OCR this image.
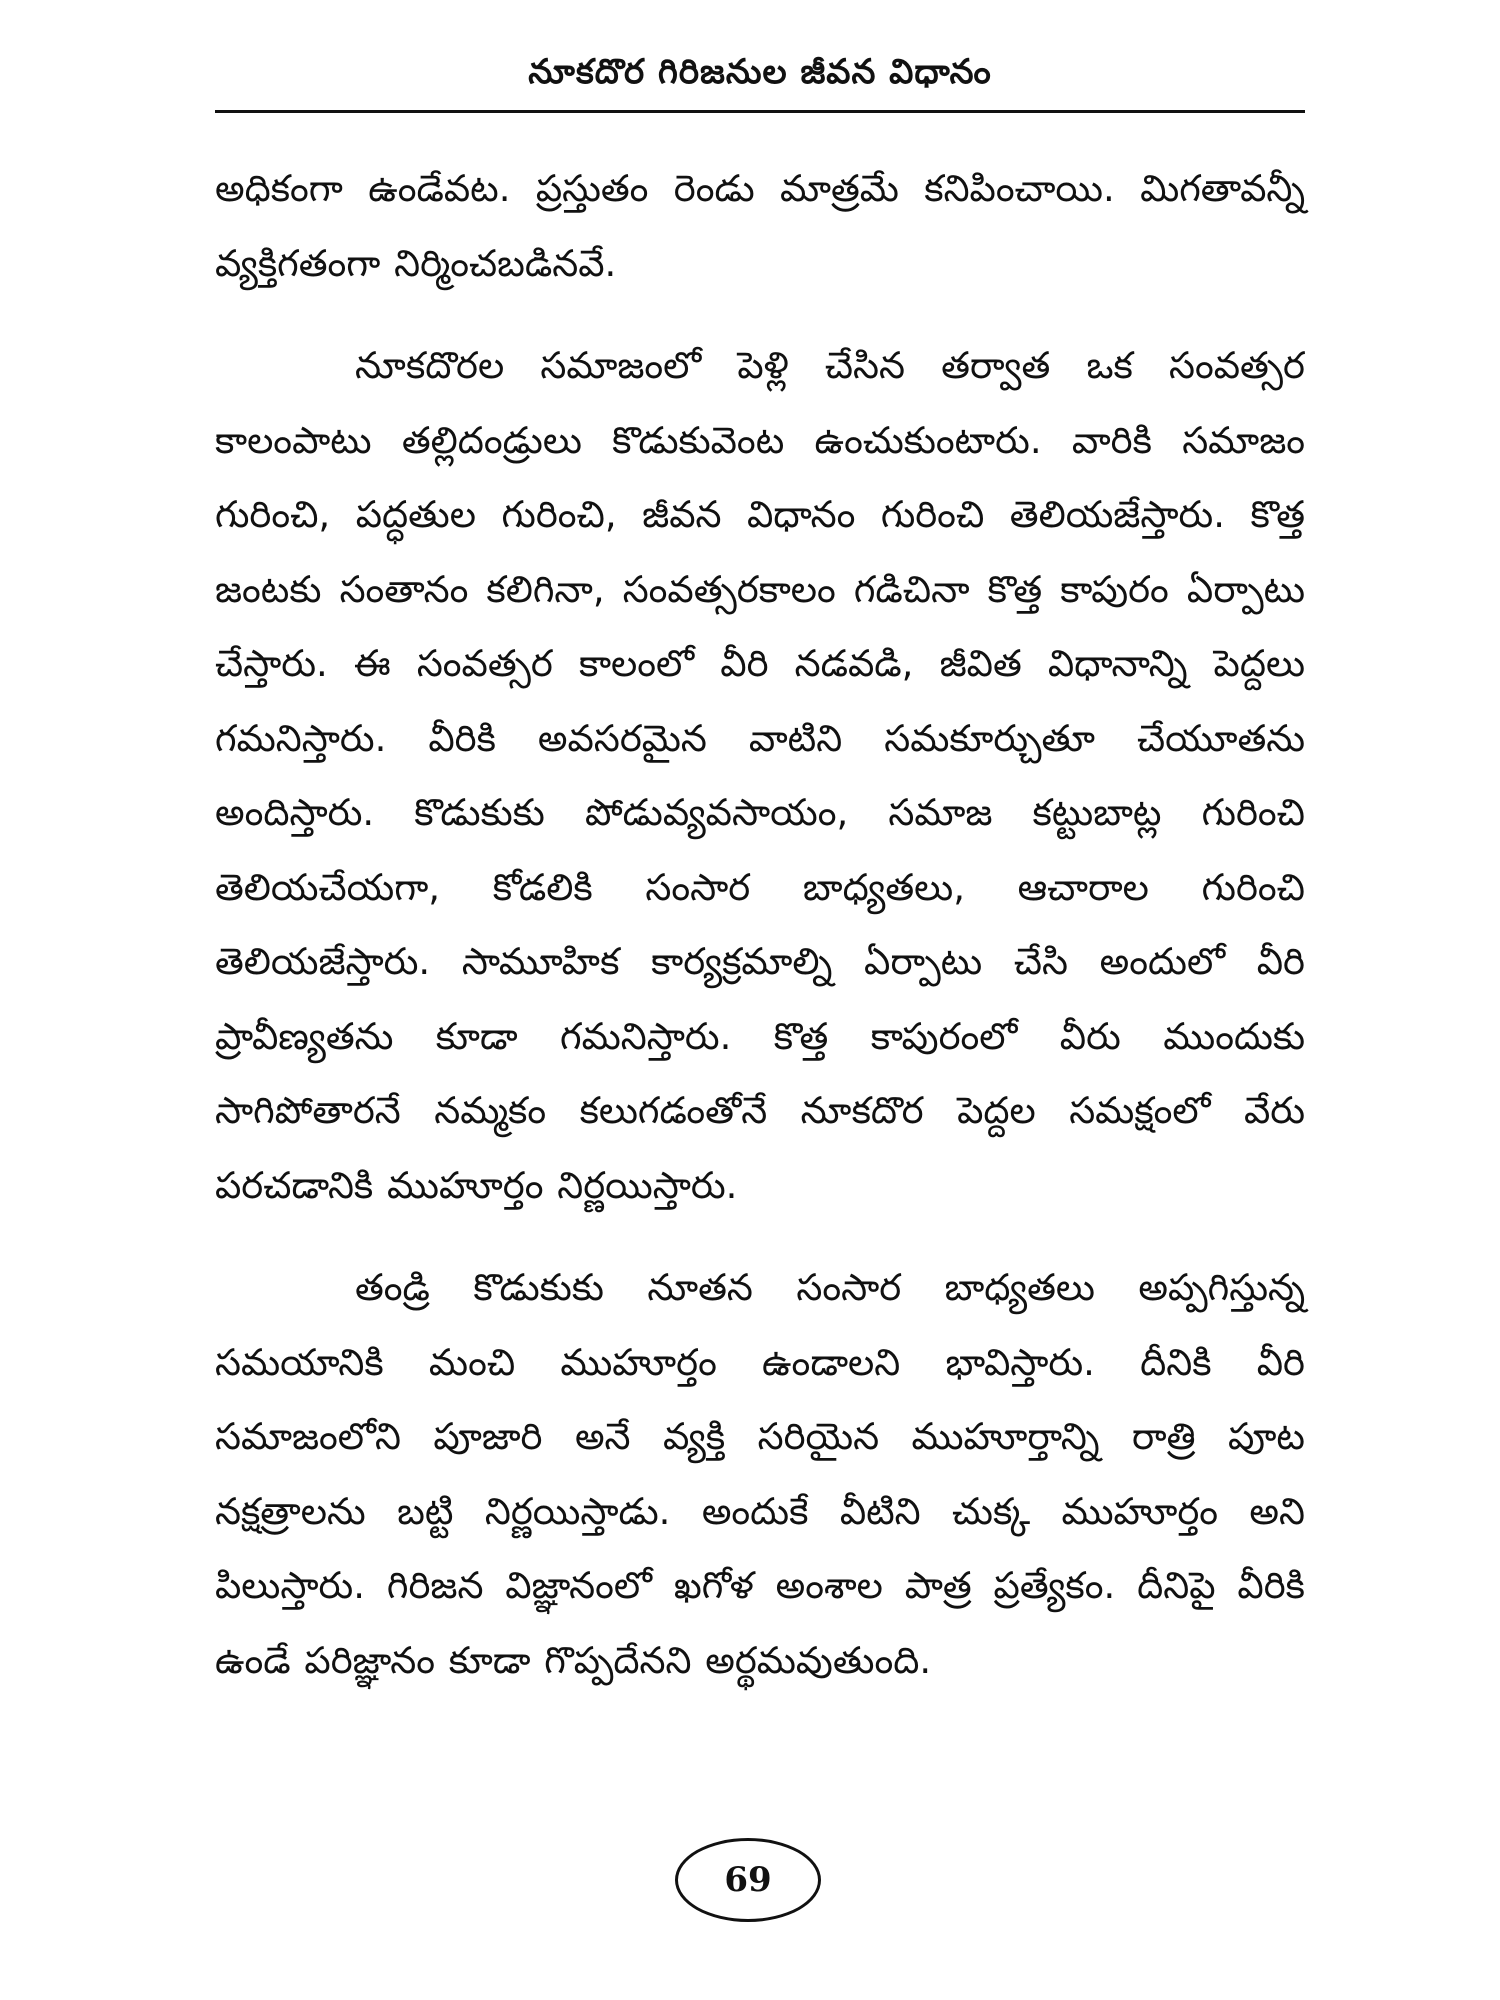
నూకదొర గిరిజనుల జీవన విధానం

అధికంగా ఉండేవట. ప్రస్తుతం రెండు మాత్రమే కనిపించాయి. మిగతావన్నీ వ్యక్తిగతంగా నిర్మించబడినవే.

నూకదొరల సమాజంలో పెళ్లి చేసిన తర్వాత ఒక సంవత్సర కాలంపాటు తల్లిదండ్రులు కొడుకువెంట ఉంచుకుంటారు. వారికి సమాజం గురించి, పద్ధతుల గురించి, జీవన విధానం గురించి తెలియజేస్తారు. కొత్త జంటకు సంతానం కలిగినా, సంవత్సరకాలం గడిచినా కొత్త కాపురం ఏర్పాటు చేస్తారు. ఈ సంవత్సర కాలంలో వీరి నడవడి, జీవిత విధానాన్ని పెద్దలు గమనిస్తారు. వీరికి అవసరమైన వాటిని సమకూర్చుతూ చేయూతను అందిస్తారు. కొడుకుకు పోడువ్యవసాయం, సమాజ కట్టుబాట్ల గురించి తెలియచేయగా, కోడలికి సంసార బాధ్యతలు, ఆచారాల గురించి తెలియజేస్తారు. సామూహిక కార్యక్రమాల్ని ఏర్పాటు చేసి అందులో వీరి ప్రావీణ్యతను కూడా గమనిస్తారు. కొత్త కాపురంలో వీరు ముందుకు సాగిపోతారనే నమ్మకం కలుగడంతోనే నూకదొర పెద్దల సమక్షంలో వేరు పరచడానికి ముహూర్తం నిర్ణయిస్తారు.

తండ్రి కొడుకుకు నూతన సంసార బాధ్యతలు అప్పగిస్తున్న సమయానికి మంచి ముహూర్తం ఉండాలని భావిస్తారు. దీనికి వీరి సమాజంలోని పూజారి అనే వ్యక్తి సరియైన ముహూర్తాన్ని రాత్రి పూట నక్షత్రాలను బట్టి నిర్ణయిస్తాడు. అందుకే వీటిని చుక్క ముహూర్తం అని పిలుస్తారు. గిరిజన విజ్ఞానంలో ఖగోళ అంశాల పాత్ర ప్రత్యేకం. దీనిపై వీరికి ఉండే పరిజ్ఞానం కూడా గొప్పదేనని అర్థమవుతుంది.

69
